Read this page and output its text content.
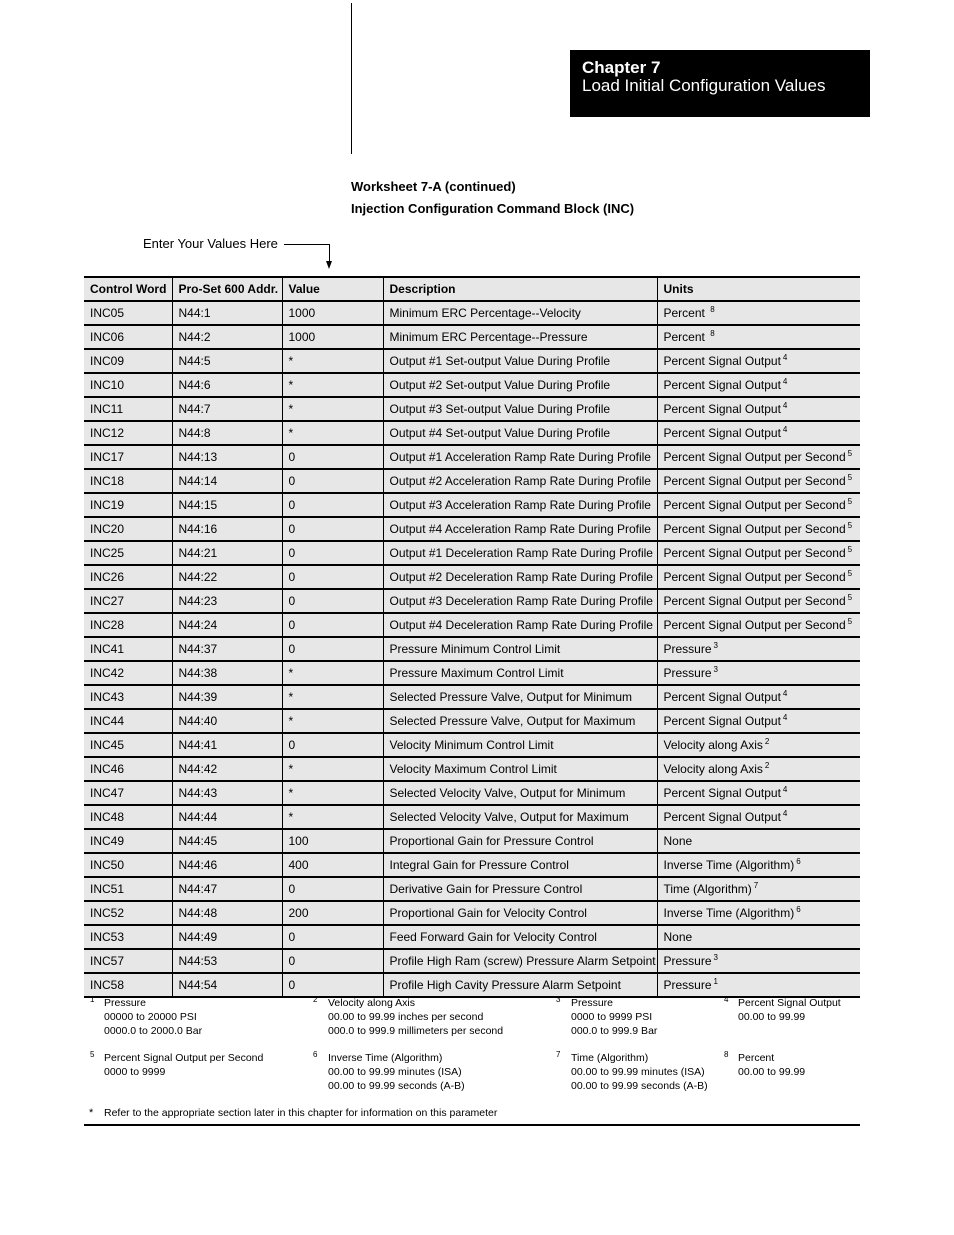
Chapter 7
Load Initial Configuration Values
Worksheet 7-A (continued)
Injection Configuration Command Block (INC)
Enter Your Values Here
Control Word	Pro-Set 600 Addr.	Value	Description	Units
INC05	N44:1	1000	Minimum ERC Percentage--Velocity	Percent $^8$
INC06	N44:2	1000	Minimum ERC Percentage--Pressure	Percent $^8$
INC09	N44:5	*	Output #1 Set-output Value During Profile	Percent Signal Output $^4$
INC10	N44:6	*	Output #2 Set-output Value During Profile	Percent Signal Output $^4$
INC11	N44:7	*	Output #3 Set-output Value During Profile	Percent Signal Output $^4$
INC12	N44:8	*	Output #4 Set-output Value During Profile	Percent Signal Output $^4$
INC17	N44:13	0	Output #1 Acceleration Ramp Rate During Profile	Percent Signal Output per Second $^5$
INC18	N44:14	0	Output #2 Acceleration Ramp Rate During Profile	Percent Signal Output per Second $^5$
INC19	N44:15	0	Output #3 Acceleration Ramp Rate During Profile	Percent Signal Output per Second $^5$
INC20	N44:16	0	Output #4 Acceleration Ramp Rate During Profile	Percent Signal Output per Second $^5$
INC25	N44:21	0	Output #1 Deceleration Ramp Rate During Profile	Percent Signal Output per Second $^5$
INC26	N44:22	0	Output #2 Deceleration Ramp Rate During Profile	Percent Signal Output per Second $^5$
INC27	N44:23	0	Output #3 Deceleration Ramp Rate During Profile	Percent Signal Output per Second $^5$
INC28	N44:24	0	Output #4 Deceleration Ramp Rate During Profile	Percent Signal Output per Second $^5$
INC41	N44:37	0	Pressure Minimum Control Limit	Pressure $^3$
INC42	N44:38	*	Pressure Maximum Control Limit	Pressure $^3$
INC43	N44:39	*	Selected Pressure Valve, Output for Minimum	Percent Signal Output $^4$
INC44	N44:40	*	Selected Pressure Valve, Output for Maximum	Percent Signal Output $^4$
INC45	N44:41	0	Velocity Minimum Control Limit	Velocity along Axis $^2$
INC46	N44:42	*	Velocity Maximum Control Limit	Velocity along Axis $^2$
INC47	N44:43	*	Selected Velocity Valve, Output for Minimum	Percent Signal Output $^4$
INC48	N44:44	*	Selected Velocity Valve, Output for Maximum	Percent Signal Output $^4$
INC49	N44:45	100	Proportional Gain for Pressure Control	None
INC50	N44:46	400	Integral Gain for Pressure Control	Inverse Time (Algorithm) $^6$
INC51	N44:47	0	Derivative Gain for Pressure Control	Time (Algorithm) $^7$
INC52	N44:48	200	Proportional Gain for Velocity Control	Inverse Time (Algorithm) $^6$
INC53	N44:49	0	Feed Forward Gain for Velocity Control	None
INC57	N44:53	0	Profile High Ram (screw) Pressure Alarm Setpoint	Pressure $^3$
INC58	N44:54	0	Profile High Cavity Pressure Alarm Setpoint	Pressure $^1$
1 Pressure
00000 to 20000 PSI
0000.0 to 2000.0 Bar
2 Velocity along Axis
00.00 to 99.99 inches per second
000.0 to 999.9 millimeters per second
3 Pressure
0000 to 9999 PSI
000.0 to 999.9 Bar
4 Percent Signal Output
00.00 to 99.99
5 Percent Signal Output per Second
0000 to 9999
6 Inverse Time (Algorithm)
00.00 to 99.99 minutes (ISA)
00.00 to 99.99 seconds (A-B)
7 Time (Algorithm)
00.00 to 99.99 minutes (ISA)
00.00 to 99.99 seconds (A-B)
8 Percent
00.00 to 99.99
* Refer to the appropriate section later in this chapter for information on this parameter
